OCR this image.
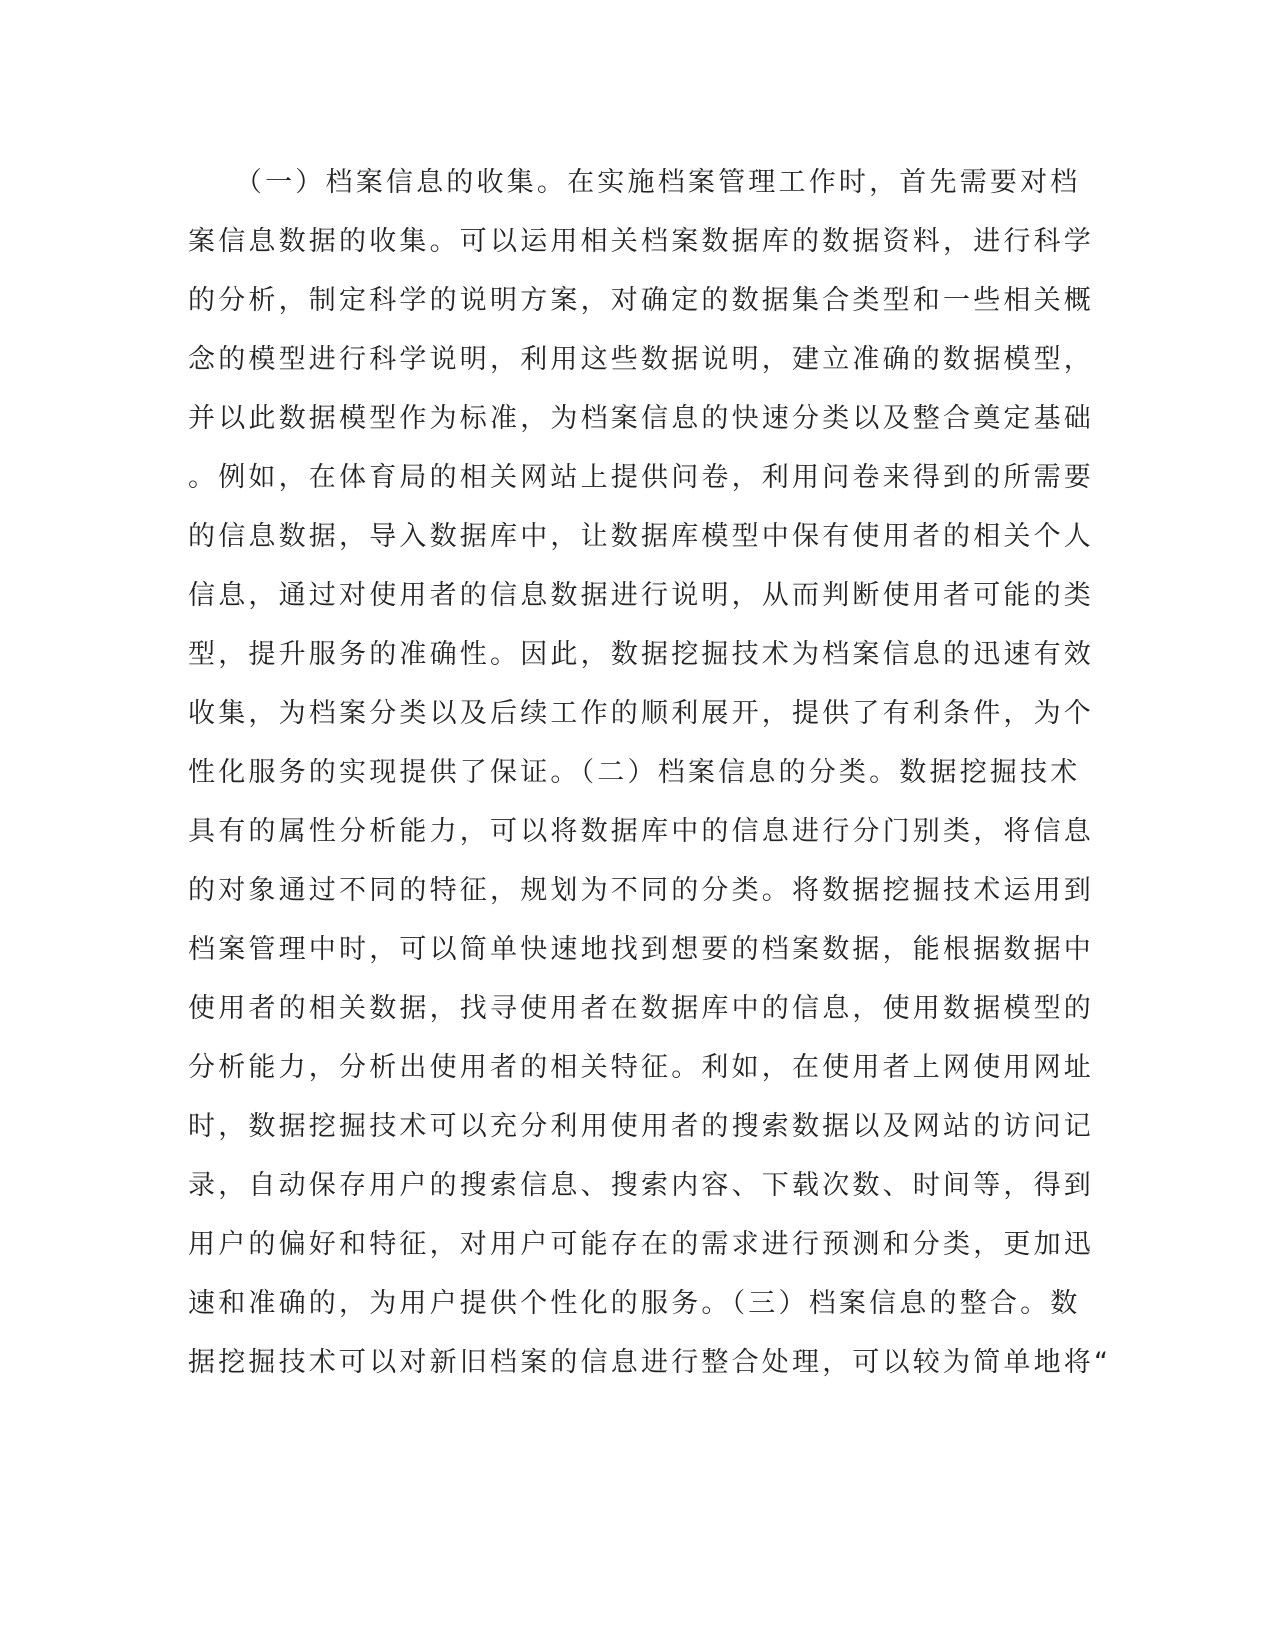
　　（一）档案信息的收集。在实施档案管理工作时，首先需要对档
案信息数据的收集。可以运用相关档案数据库的数据资料，进行科学
的分析，制定科学的说明方案，对确定的数据集合类型和一些相关概
念的模型进行科学说明，利用这些数据说明，建立准确的数据模型，
并以此数据模型作为标准，为档案信息的快速分类以及整合奠定基础
。例如，在体育局的相关网站上提供问卷，利用问卷来得到的所需要
的信息数据，导入数据库中，让数据库模型中保有使用者的相关个人
信息，通过对使用者的信息数据进行说明，从而判断使用者可能的类
型，提升服务的准确性。因此，数据挖掘技术为档案信息的迅速有效
收集，为档案分类以及后续工作的顺利展开，提供了有利条件，为个
性化服务的实现提供了保证。（二）档案信息的分类。数据挖掘技术
具有的属性分析能力，可以将数据库中的信息进行分门别类，将信息
的对象通过不同的特征，规划为不同的分类。将数据挖掘技术运用到
档案管理中时，可以简单快速地找到想要的档案数据，能根据数据中
使用者的相关数据，找寻使用者在数据库中的信息，使用数据模型的
分析能力，分析出使用者的相关特征。利如，在使用者上网使用网址
时，数据挖掘技术可以充分利用使用者的搜索数据以及网站的访问记
录，自动保存用户的搜索信息、搜索内容、下载次数、时间等，得到
用户的偏好和特征，对用户可能存在的需求进行预测和分类，更加迅
速和准确的，为用户提供个性化的服务。（三）档案信息的整合。数
据挖掘技术可以对新旧档案的信息进行整合处理，可以较为简单地将“
